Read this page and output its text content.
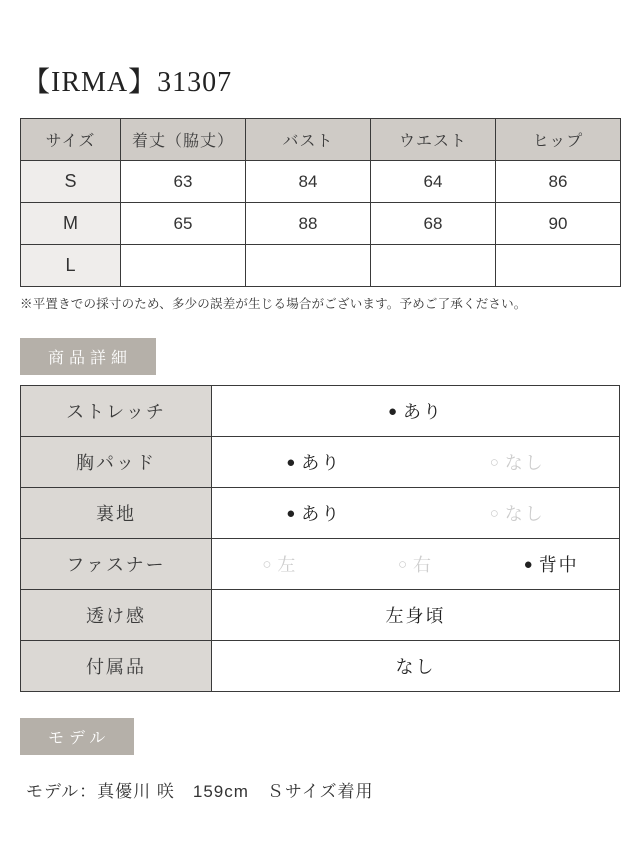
【IRMA】31307
サイズ	着丈（脇丈）	バスト	ウエスト	ヒップ
S	63	84	64	86
M	65	88	68	90
L				

※平置きでの採寸のため、多少の誤差が生じる場合がございます。予めご了承ください。

商品詳細
ストレッチ	● あり

胸パッド	● あり ○ なし

裏地	● あり ○ なし

ファスナー	○ 左	○ 右	● 背中

透け感	左身頃

付属品	なし
モデル
モデル：真優川 咲　159cm　Ｓサイズ着用
